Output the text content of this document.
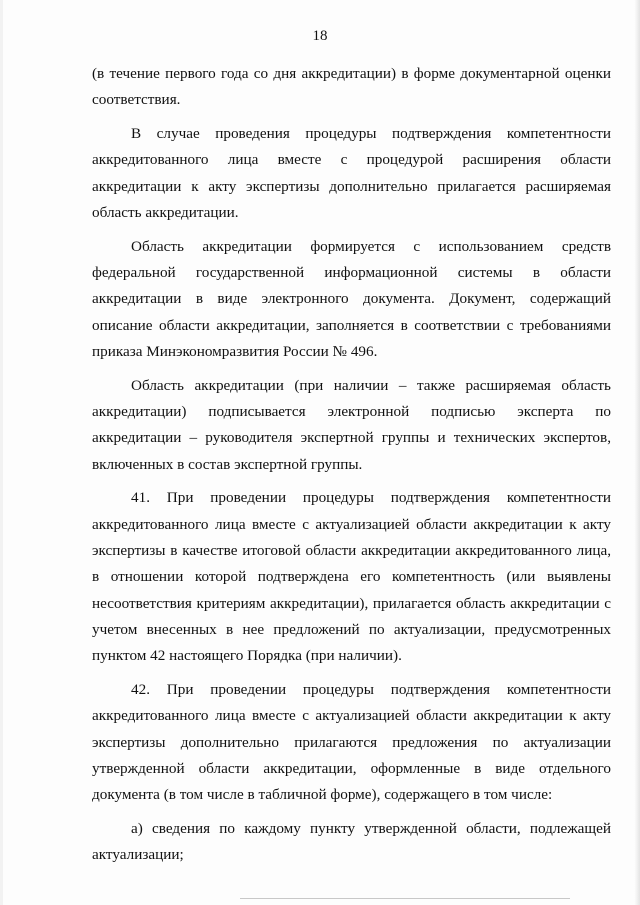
18

(в течение первого года со дня аккредитации) в форме документарной оценки соответствия.

В случае проведения процедуры подтверждения компетентности аккредитованного лица вместе с процедурой расширения области аккредитации к акту экспертизы дополнительно прилагается расширяемая область аккредитации.

Область аккредитации формируется с использованием средств федеральной государственной информационной системы в области аккредитации в виде электронного документа. Документ, содержащий описание области аккредитации, заполняется в соответствии с требованиями приказа Минэкономразвития России № 496.

Область аккредитации (при наличии – также расширяемая область аккредитации) подписывается электронной подписью эксперта по аккредитации – руководителя экспертной группы и технических экспертов, включенных в состав экспертной группы.

41. При проведении процедуры подтверждения компетентности аккредитованного лица вместе с актуализацией области аккредитации к акту экспертизы в качестве итоговой области аккредитации аккредитованного лица, в отношении которой подтверждена его компетентность (или выявлены несоответствия критериям аккредитации), прилагается область аккредитации с учетом внесенных в нее предложений по актуализации, предусмотренных пунктом 42 настоящего Порядка (при наличии).

42. При проведении процедуры подтверждения компетентности аккредитованного лица вместе с актуализацией области аккредитации к акту экспертизы дополнительно прилагаются предложения по актуализации утвержденной области аккредитации, оформленные в виде отдельного документа (в том числе в табличной форме), содержащего в том числе:

а) сведения по каждому пункту утвержденной области, подлежащей актуализации;
